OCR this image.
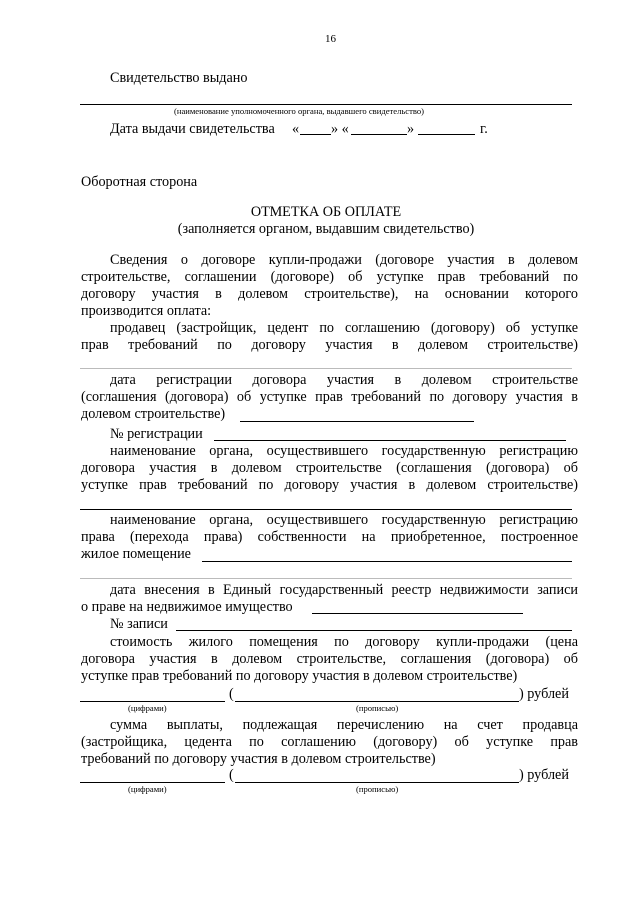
16
Свидетельство выдано
(наименование уполномоченного органа, выдавшего свидетельство)
Дата выдачи свидетельства « » «	»	г.
Оборотная сторона
ОТМЕТКА ОБ ОПЛАТЕ
(заполняется органом, выдавшим свидетельство)
Сведения о договоре купли-продажи (договоре участия в долевом
строительстве, соглашении (договоре) об уступке прав требований по
договору участия в долевом строительстве), на основании которого
производится оплата:
продавец (застройщик, цедент по соглашению (договору) об уступке
прав требований по договору участия в долевом строительстве)
дата регистрации договора участия в долевом строительстве
(соглашения (договора) об уступке прав требований по договору участия в
долевом строительстве)
№ регистрации
наименование органа, осуществившего государственную регистрацию
договора участия в долевом строительстве (соглашения (договора) об
уступке прав требований по договору участия в долевом строительстве)
наименование органа, осуществившего государственную регистрацию
права (перехода права) собственности на приобретенное, построенное
жилое помещение
дата внесения в Единый государственный реестр недвижимости записи
о праве на недвижимое имущество
№ записи
стоимость жилого помещения по договору купли-продажи (цена
договора участия в долевом строительстве, соглашения (договора) об
уступке прав требований по договору участия в долевом строительстве)
(	) рублей
(цифрами)	(прописью)
сумма выплаты, подлежащая перечислению на счет продавца
(застройщика, цедента по соглашению (договору) об уступке прав
требований по договору участия в долевом строительстве)
(	) рублей
(цифрами)	(прописью)
